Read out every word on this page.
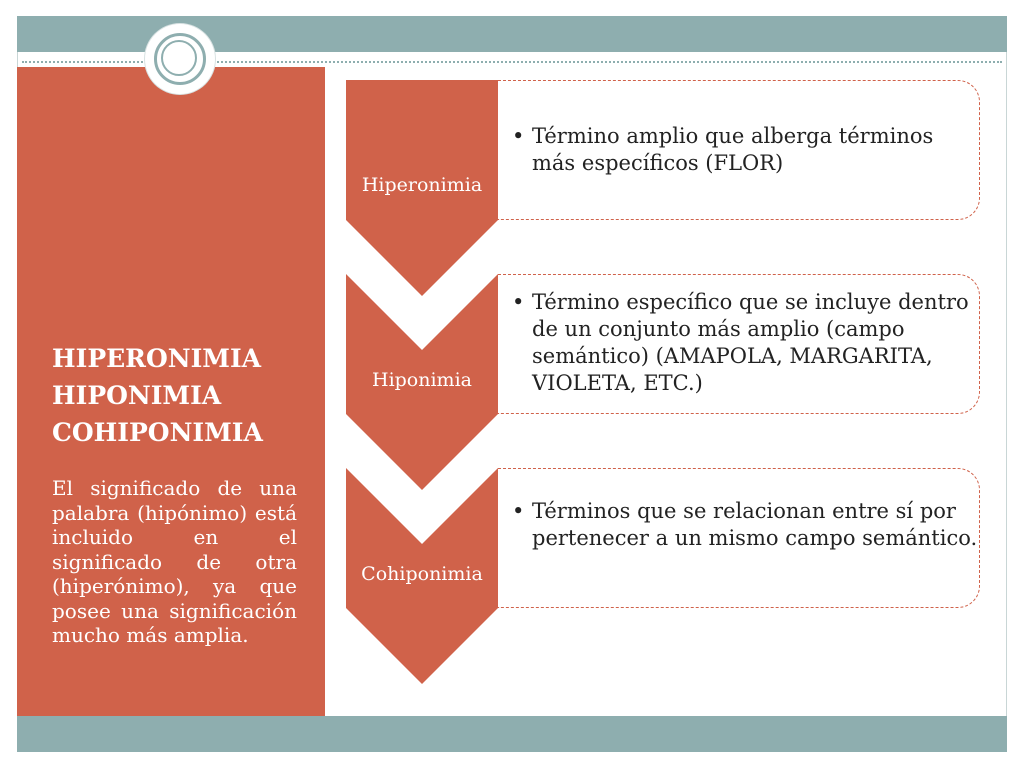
HIPERONIMIA
HIPONIMIA
COHIPONIMIA

El significado de una palabra (hipónimo) está incluido en el significado de otra (hiperónimo), ya que posee una significación mucho más amplia.

• Término amplio que alberga términos más específicos (FLOR)
• Término específico que se incluye dentro de un conjunto más amplio (campo semántico) (AMAPOLA, MARGARITA, VIOLETA, ETC.)
• Términos que se relacionan entre sí por pertenecer a un mismo campo semántico.
Hiperonimia
Hiponimia
Cohiponimia
